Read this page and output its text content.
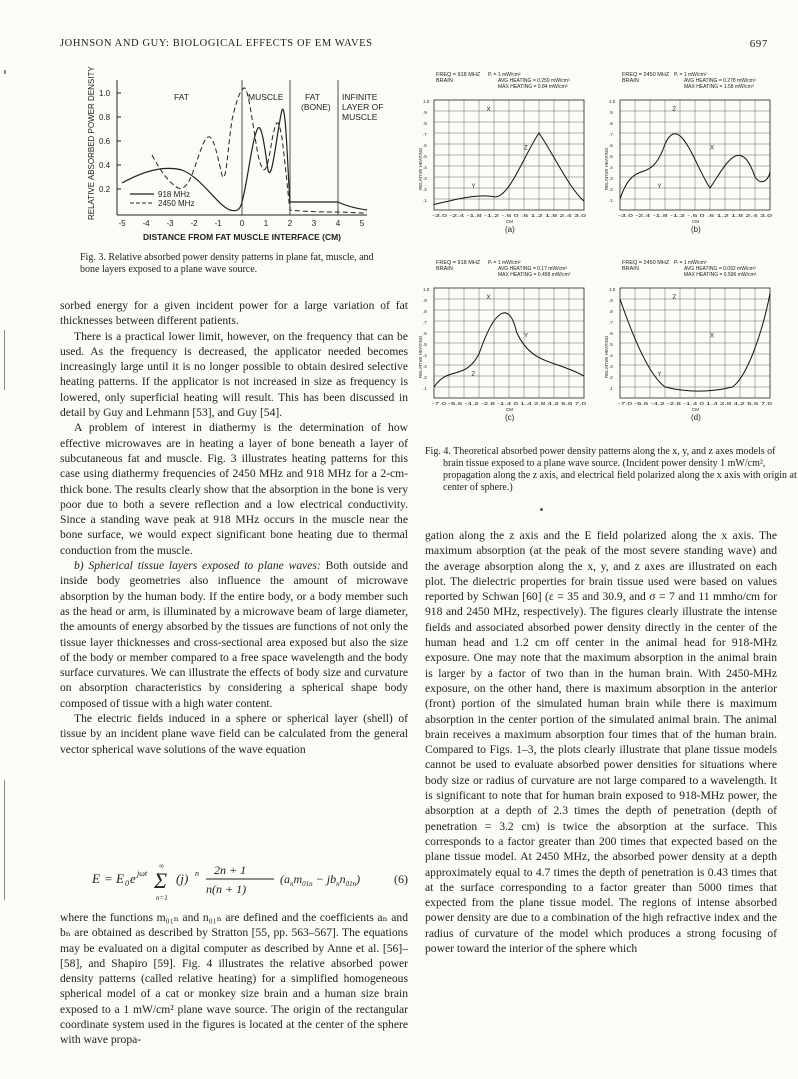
JOHNSON AND GUY: BIOLOGICAL EFFECTS OF EM WAVES	697
RELATIVE ABSORBED POWER DENSITY 1.0
0.8
0.6
0.4
0.2
-5 -4 -3 -2 -1 0 1 2 3 4 5
DISTANCE FROM FAT MUSCLE INTERFACE (CM)
FAT	MUSCLE	FAT
(BONE)
INFINITE
LAYER OF
MUSCLE
918 MHz
2450 MHz
Fig. 3. Relative absorbed power density patterns in plane fat, muscle, and bone layers exposed to a plane wave source.
FREQ = 918 MHZ
BRAIN
Pᵢ = 1 mW/cm²
AVG HEATING = 0.259 mW/cm³
MAX HEATING = 0.84 mW/cm³
1.0
.9
.8
.7
.6
.5
.4
.3
.2
.1
RELATIVE HEATING
-3.0 -2.4 -1.8 -1.2 -.6 0 .6 1.2 1.8 2.4 3.0
CM
(a)
X
Z
Y
FREQ = 2450 MHZ
BRAIN
Pᵢ = 1 mW/cm²
AVG HEATING = 0.278 mW/cm³
MAX HEATING = 1.58 mW/cm³
1.0
.9
.8
.7
.6
.5
.4
.3
.2
.1
RELATIVE HEATING
-3.0 -2.4 -1.8 -1.2 -.6 0 .6 1.2 1.8 2.4 3.0
CM
(b)
Z
X
Y
FREQ = 918 MHZ
BRAIN
Pᵢ = 1 mW/cm²
AVG HEATING = 0.17 mW/cm³
MAX HEATING = 0.458 mW/cm³
1.0
.9
.8
.7
.6
.5
.4
.3
.2
.1
RELATIVE HEATING
-7.0 -5.6 -4.2 -2.8 -1.4 0 1.4 2.8 4.2 5.6 7.0
CM
(c)
X
Y
Z
FREQ = 2450 MHZ
BRAIN
Pᵢ = 1 mW/cm²
AVG HEATING = 0.092 mW/cm³
MAX HEATING = 0.596 mW/cm³
1.0
.9
.8
.7
.6
.5
.4
.3
.2
.1
RELATIVE HEATING
-7.0 -5.6 -4.2 -2.8 -1.4 0 1.4 2.8 4.2 5.6 7.0
CM
(d)
Z
X
Y
Fig. 4. Theoretical absorbed power density patterns along the x, y, and z axes models of brain tissue exposed to a plane wave source. (Incident power density 1 mW/cm², propagation along the z axis, and electrical field polarized along the x axis with origin at center of sphere.)

sorbed energy for a given incident power for a large variation of fat thicknesses between different patients.

There is a practical lower limit, however, on the frequency that can be used. As the frequency is decreased, the applicator needed becomes increasingly large until it is no longer possible to obtain desired selective heating patterns. If the applicator is not increased in size as frequency is lowered, only superficial heating will result. This has been discussed in detail by Guy and Lehmann [53], and Guy [54].

A problem of interest in diathermy is the determination of how effective microwaves are in heating a layer of bone beneath a layer of subcutaneous fat and muscle. Fig. 3 illustrates heating patterns for this case using diathermy frequencies of 2450 MHz and 918 MHz for a 2-cm-thick bone. The results clearly show that the absorption in the bone is very poor due to both a severe reflection and a low electrical conductivity. Since a standing wave peak at 918 MHz occurs in the muscle near the bone surface, we would expect significant bone heating due to thermal conduction from the muscle.

b) Spherical tissue layers exposed to plane waves: Both outside and inside body geometries also influence the amount of microwave absorption by the human body. If the entire body, or a body member such as the head or arm, is illuminated by a microwave beam of large diameter, the amounts of energy absorbed by the tissues are functions of not only the tissue layer thicknesses and cross-sectional area exposed but also the size of the body or member compared to a free space wavelength and the body surface curvatures. We can illustrate the effects of body size and curvature on absorption characteristics by considering a spherical shape body composed of tissue with a high water content.

The electric fields induced in a sphere or spherical layer (shell) of tissue by an incident plane wave field can be calculated from the general vector spherical wave solutions of the wave equation

E = E 0 e jωt Σ
∞
n=1
(j) n 2n + 1
n(n + 1)
$(a_nm_{01}n - jb_nn_{01}n)$	(6)

where the functions m₀₁ₙ and n₀₁ₙ are defined and the coefficients aₙ and bₙ are obtained as described by Stratton [55, pp. 563–567]. The equations may be evaluated on a digital computer as described by Anne et al. [56]–[58], and Shapiro [59]. Fig. 4 illustrates the relative absorbed power density patterns (called relative heating) for a simplified homogeneous spherical model of a cat or monkey size brain and a human size brain exposed to a 1 mW/cm² plane wave source. The origin of the rectangular coordinate system used in the figures is located at the center of the sphere with wave propa-

gation along the z axis and the E field polarized along the x axis. The maximum absorption (at the peak of the most severe standing wave) and the average absorption along the x, y, and z axes are illustrated on each plot. The dielectric properties for brain tissue used were based on values reported by Schwan [60] (ε = 35 and 30.9, and σ = 7 and 11 mmho/cm for 918 and 2450 MHz, respectively). The figures clearly illustrate the intense fields and associated absorbed power density directly in the center of the human head and 1.2 cm off center in the animal head for 918-MHz exposure. One may note that the maximum absorption in the animal brain is larger by a factor of two than in the human brain. With 2450-MHz exposure, on the other hand, there is maximum absorption in the anterior (front) portion of the simulated human brain while there is maximum absorption in the center portion of the simulated animal brain. The animal brain receives a maximum absorption four times that of the human brain. Compared to Figs. 1–3, the plots clearly illustrate that plane tissue models cannot be used to evaluate absorbed power densities for situations where body size or radius of curvature are not large compared to a wavelength. It is significant to note that for human brain exposed to 918-MHz power, the absorption at a depth of 2.3 times the depth of penetration (depth of penetration = 3.2 cm) is twice the absorption at the surface. This corresponds to a factor greater than 200 times that expected based on the plane tissue model. At 2450 MHz, the absorbed power density at a depth approximately equal to 4.7 times the depth of penetration is 0.43 times that at the surface corresponding to a factor greater than 5000 times that expected from the plane tissue model. The regions of intense absorbed power density are due to a combination of the high refractive index and the radius of curvature of the model which produces a strong focusing of power toward the interior of the sphere which
